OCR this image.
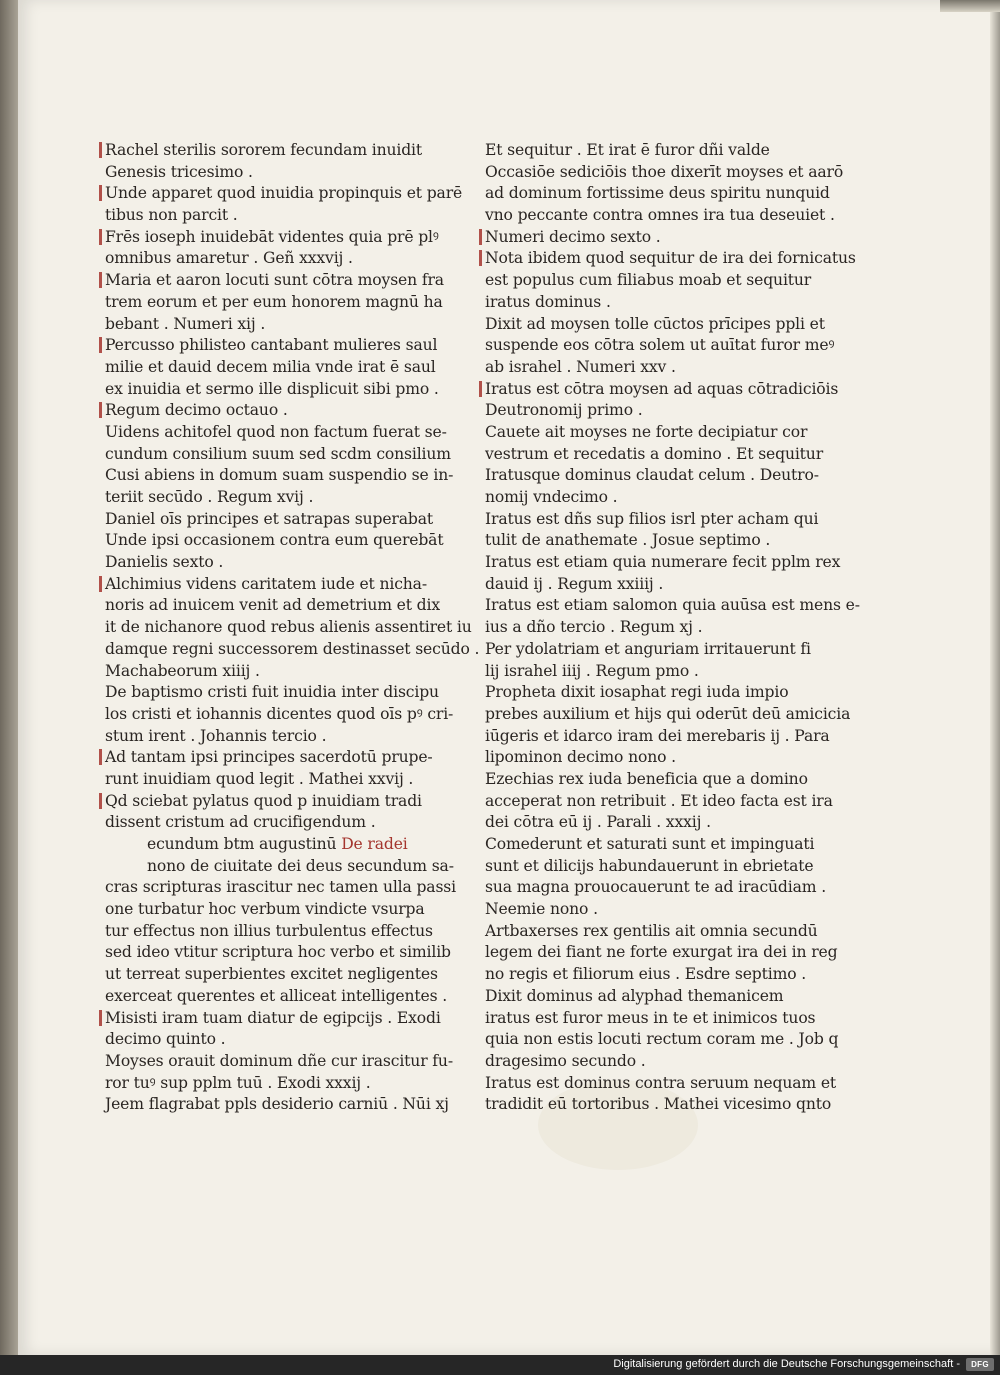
Rachel sterilis sororem fecundam inuidit
Genesis tricesimo .
Unde apparet quod inuidia propinquis et parē
tibus non parcit .
Frēs ioseph inuidebāt videntes quia prē plꝰ
omnibus amaretur . Geñ xxxvij .
Maria et aaron locuti sunt cōtra moysen fra
trem eorum et per eum honorem magnū ha
bebant . Numeri xij .
Percusso philisteo cantabant mulieres saul
milie et dauid decem milia vnde irat ē saul
ex inuidia et sermo ille displicuit sibi pmo .
Regum decimo octauo .
Uidens achitofel quod non factum fuerat se-
cundum consilium suum sed scdm consilium
Cusi abiens in domum suam suspendio se in-
teriit secūdo . Regum xvij .
Daniel oīs principes et satrapas superabat
Unde ipsi occasionem contra eum querebāt
Danielis sexto .
Alchimius videns caritatem iude et nicha-
noris ad inuicem venit ad demetrium et dix
it de nichanore quod rebus alienis assentiret iu
damque regni successorem destinasset secūdo .
Machabeorum xiiij .
De baptismo cristi fuit inuidia inter discipu
los cristi et iohannis dicentes quod oīs pꝰ cri-
stum irent . Johannis tercio .
Ad tantam ipsi principes sacerdotū prupe-
runt inuidiam quod legit . Mathei xxvij .
Qd sciebat pylatus quod p inuidiam tradi
dissent cristum ad crucifigendum .
ecundum btm augustinū De radei
nono de ciuitate dei deus secundum sa-
cras scripturas irascitur nec tamen ulla passi
one turbatur hoc verbum vindicte vsurpa
tur effectus non illius turbulentus effectus
sed ideo vtitur scriptura hoc verbo et similib
ut terreat superbientes excitet negligentes
exerceat querentes et alliceat intelligentes .
Misisti iram tuam diatur de egipcijs . Exodi
decimo quinto .
Moyses orauit dominum dñe cur irascitur fu-
ror tuꝰ sup pplm tuū . Exodi xxxij .
Jeem flagrabat ppls desiderio carniū . Nūi xj
Et sequitur . Et irat ē furor dñi valde
Occasiōe sediciōis thoe dixerīt moyses et aarō
ad dominum fortissime deus spiritu nunquid
vno peccante contra omnes ira tua deseuiet .
Numeri decimo sexto .
Nota ibidem quod sequitur de ira dei fornicatus
est populus cum filiabus moab et sequitur
iratus dominus .
Dixit ad moysen tolle cūctos prīcipes ppli et
suspende eos cōtra solem ut auītat furor meꝰ
ab israhel . Numeri xxv .
Iratus est cōtra moysen ad aquas cōtradiciōis
Deutronomij primo .
Cauete ait moyses ne forte decipiatur cor
vestrum et recedatis a domino . Et sequitur
Iratusque dominus claudat celum . Deutro-
nomij vndecimo .
Iratus est dñs sup filios isrl pter acham qui
tulit de anathemate . Josue septimo .
Iratus est etiam quia numerare fecit pplm rex
dauid ij . Regum xxiiij .
Iratus est etiam salomon quia auūsa est mens e-
ius a dño tercio . Regum xj .
Per ydolatriam et anguriam irritauerunt fi
lij israhel iiij . Regum pmo .
Propheta dixit iosaphat regi iuda impio
prebes auxilium et hijs qui oderūt deū amicicia
iūgeris et idarco iram dei merebaris ij . Para
lipominon decimo nono .
Ezechias rex iuda beneficia que a domino
acceperat non retribuit . Et ideo facta est ira
dei cōtra eū ij . Parali . xxxij .
Comederunt et saturati sunt et impinguati
sunt et dilicijs habundauerunt in ebrietate
sua magna prouocauerunt te ad iracūdiam .
Neemie nono .
Artbaxerses rex gentilis ait omnia secundū
legem dei fiant ne forte exurgat ira dei in reg
no regis et filiorum eius . Esdre septimo .
Dixit dominus ad alyphad themanicem
iratus est furor meus in te et inimicos tuos
quia non estis locuti rectum coram me . Job q
dragesimo secundo .
Iratus est dominus contra seruum nequam et
tradidit eū tortoribus . Mathei vicesimo qnto
Digitalisierung gefördert durch die Deutsche Forschungsgemeinschaft -	DFG
